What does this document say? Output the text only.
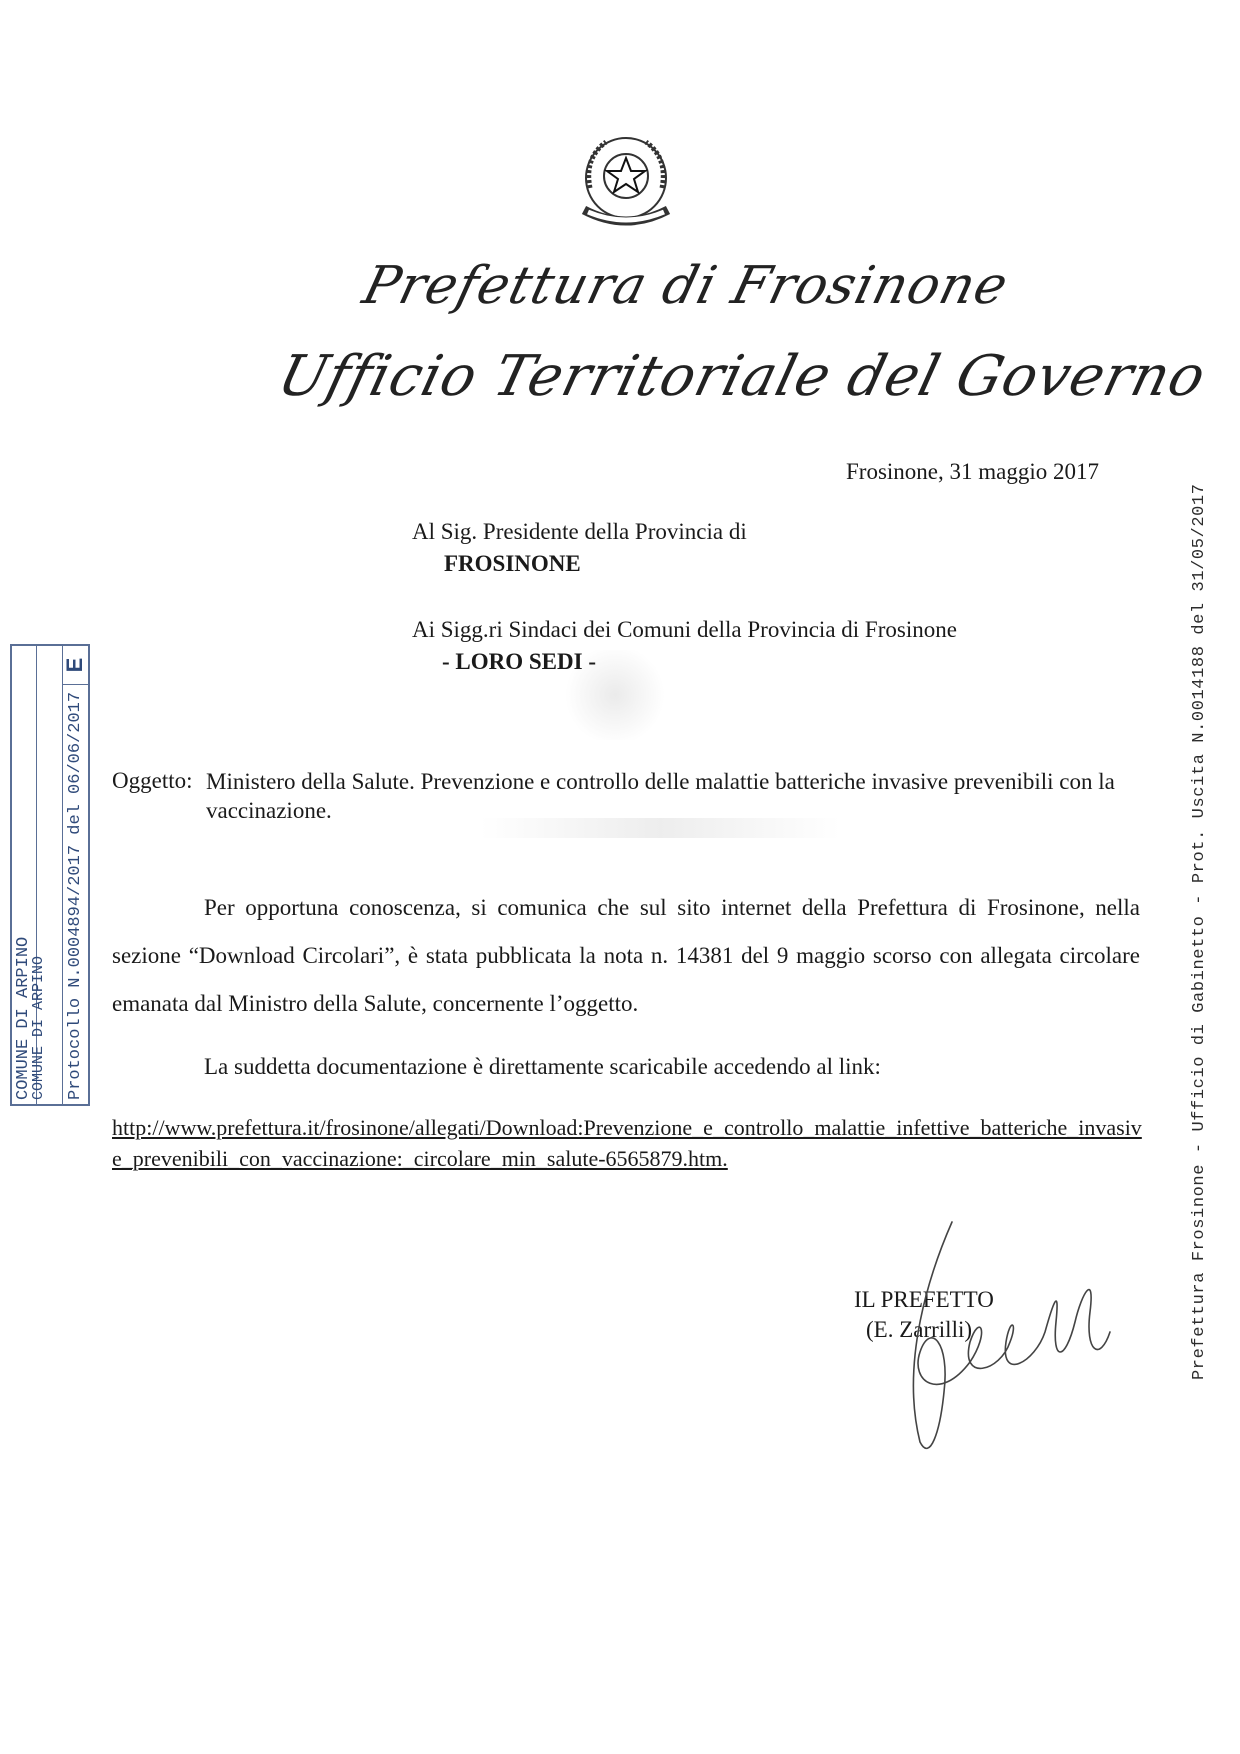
Prefettura di Frosinone
Ufficio Territoriale del Governo
Frosinone, 31 maggio 2017
Al Sig. Presidente della Provincia di
FROSINONE
Ai Sigg.ri Sindaci dei Comuni della Provincia di Frosinone
- LORO SEDI -
Oggetto: Ministero della Salute. Prevenzione e controllo delle malattie batteriche invasive prevenibili con la vaccinazione.
Per opportuna conoscenza, si comunica che sul sito internet della Prefettura di Frosinone, nella sezione “Download Circolari”, è stata pubblicata la nota n. 14381 del 9 maggio scorso con allegata circolare emanata dal Ministro della Salute, concernente l’oggetto.
La suddetta documentazione è direttamente scaricabile accedendo al link:
http://www.prefettura.it/frosinone/allegati/Download:Prevenzione_e_controllo_malattie_infettive_batteriche_invasive_prevenibili_con_vaccinazione:_circolare_min_salute-6565879.htm.
IL PREFETTO
(E. Zarrilli)
E
COMUNE DI ARPINO
COMUNE DI ARPINO Protocollo N.0004894/2017 del 06/06/2017	Prefettura Frosinone - Ufficio di Gabinetto - Prot. Uscita N.0014188 del 31/05/2017
